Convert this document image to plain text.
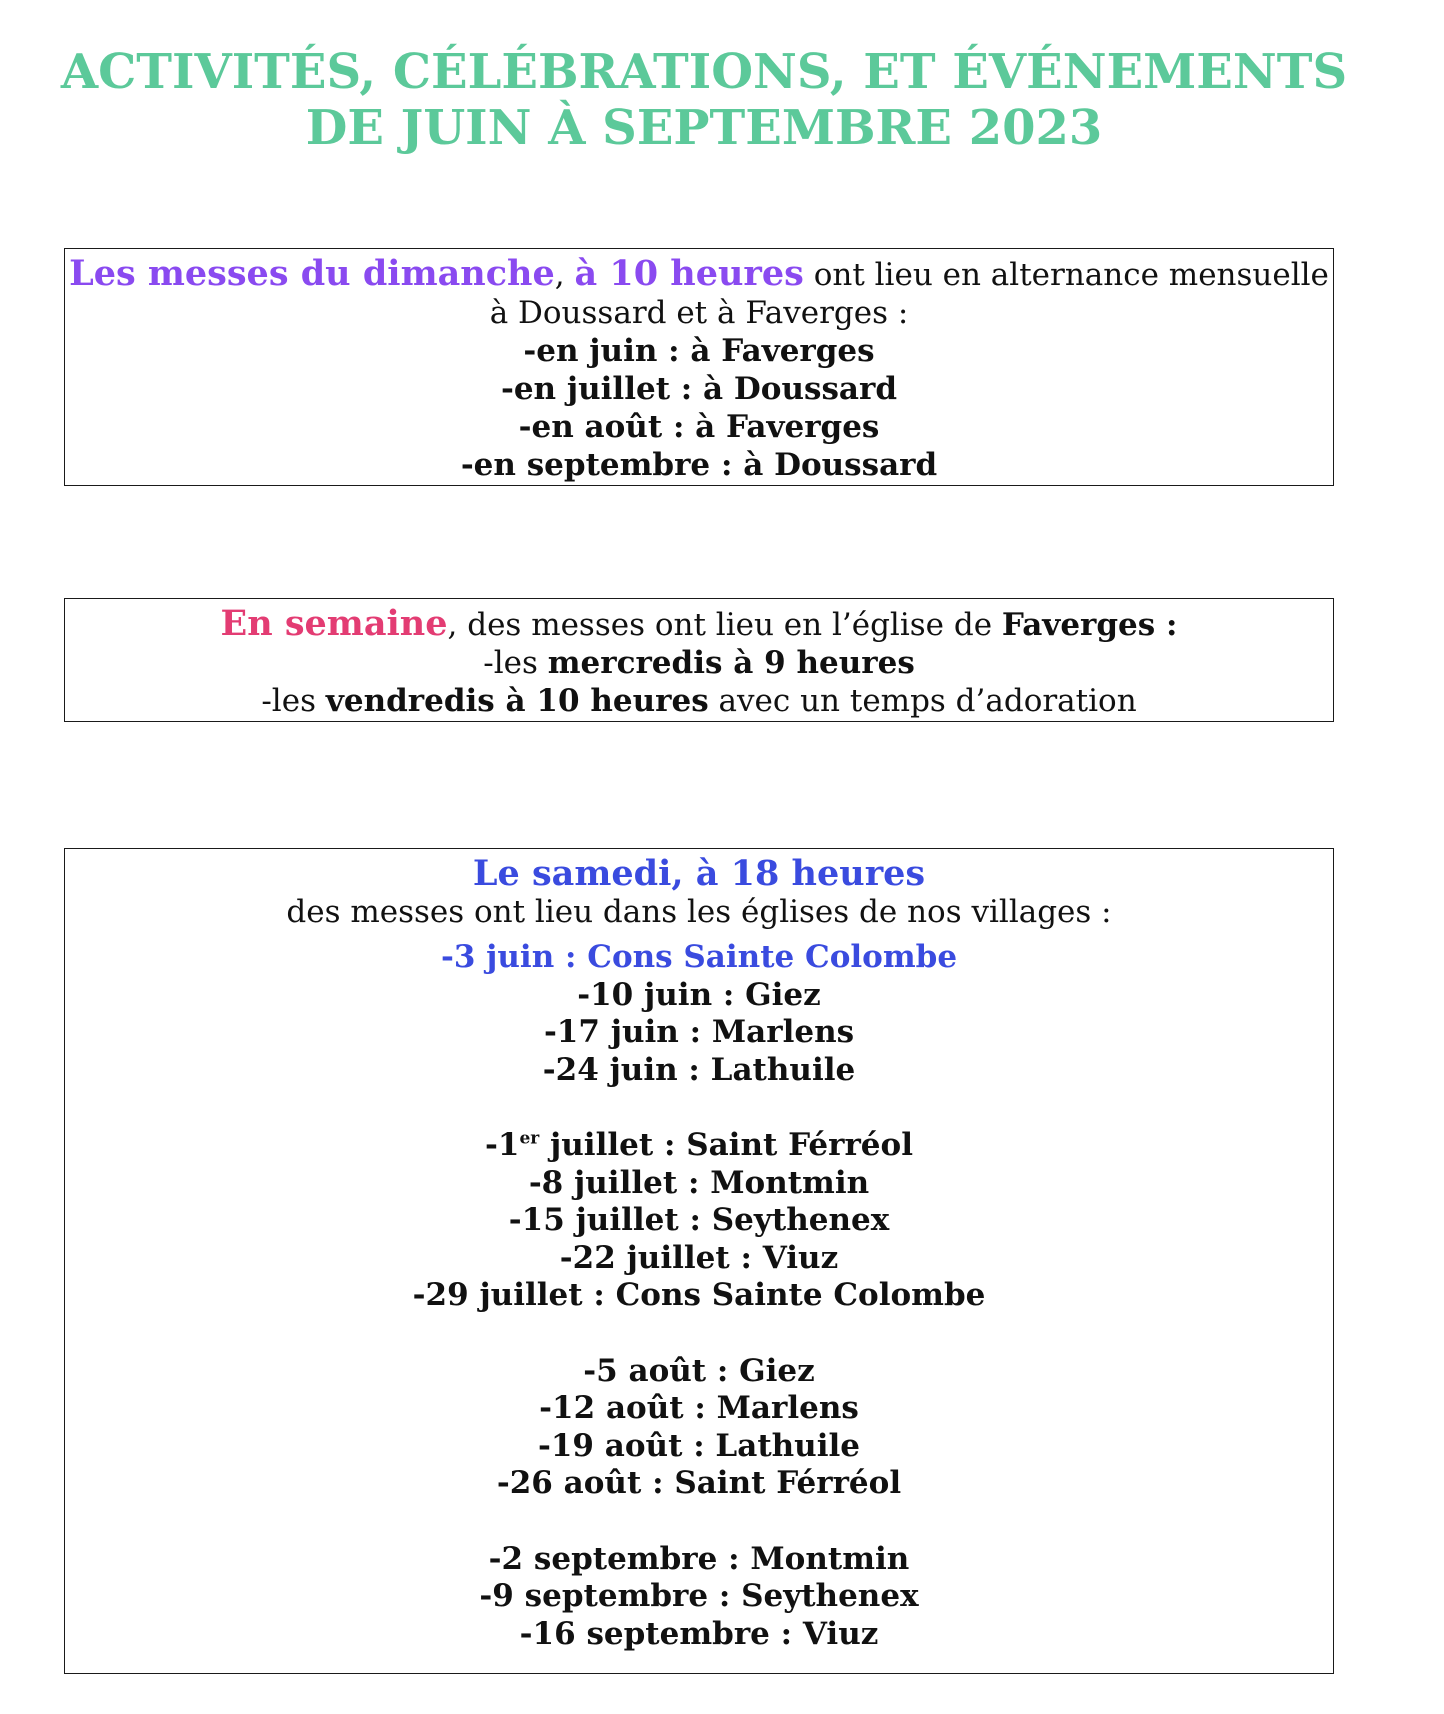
ACTIVITÉS, CÉLÉBRATIONS, ET ÉVÉNEMENTS
DE JUIN À SEPTEMBRE 2023
Les messes du dimanche, à 10 heures ont lieu en alternance mensuelle
à Doussard et à Faverges :
-en juin : à Faverges
-en juillet : à Doussard
-en août : à Faverges
-en septembre : à Doussard
En semaine, des messes ont lieu en l’église de Faverges :
-les mercredis à 9 heures
-les vendredis à 10 heures avec un temps d’adoration
Le samedi, à 18 heures
des messes ont lieu dans les églises de nos villages :
-3 juin : Cons Sainte Colombe
-10 juin : Giez
-17 juin : Marlens
-24 juin : Lathuile
-1er juillet : Saint Férréol
-8 juillet : Montmin
-15 juillet : Seythenex
-22 juillet : Viuz
-29 juillet : Cons Sainte Colombe
-5 août : Giez
-12 août : Marlens
-19 août : Lathuile
-26 août : Saint Férréol
-2 septembre : Montmin
-9 septembre : Seythenex
-16 septembre : Viuz
